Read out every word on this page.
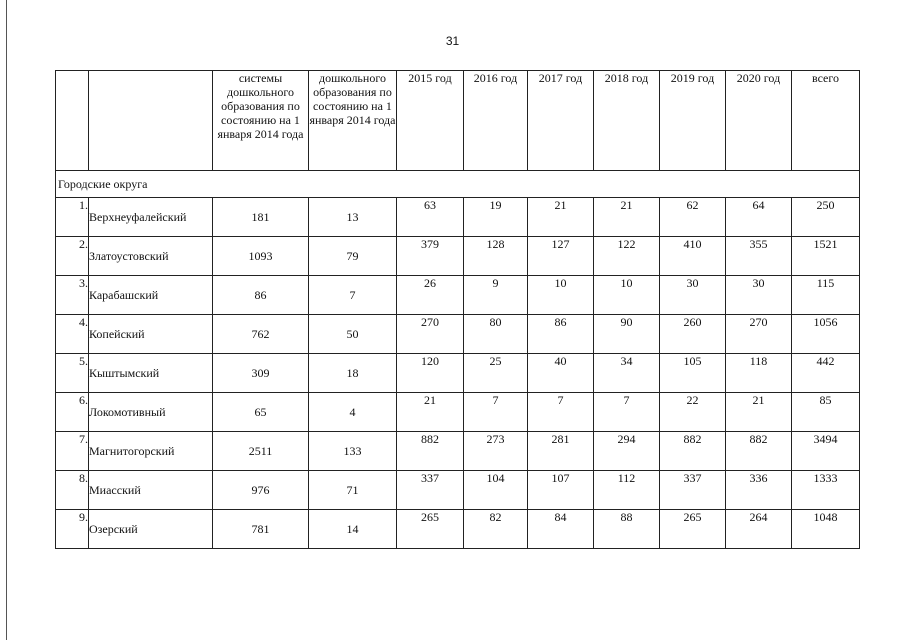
31
		системы дошкольного образования по состоянию на 1 января 2014 года	дошкольного образования по состоянию на 1 января 2014 года	2015 год	2016 год	2017 год	2018 год	2019 год	2020 год	всего
Городские округа										
1.	Верхнеуфалейский	181	13	63	19	21	21	62	64	250
2.	Златоустовский	1093	79	379	128	127	122	410	355	1521
3.	Карабашский	86	7	26	9	10	10	30	30	115
4.	Копейский	762	50	270	80	86	90	260	270	1056
5.	Кыштымский	309	18	120	25	40	34	105	118	442
6.	Локомотивный	65	4	21	7	7	7	22	21	85
7.	Магнитогорский	2511	133	882	273	281	294	882	882	3494
8.	Миасский	976	71	337	104	107	112	337	336	1333
9.	Озерский	781	14	265	82	84	88	265	264	1048
